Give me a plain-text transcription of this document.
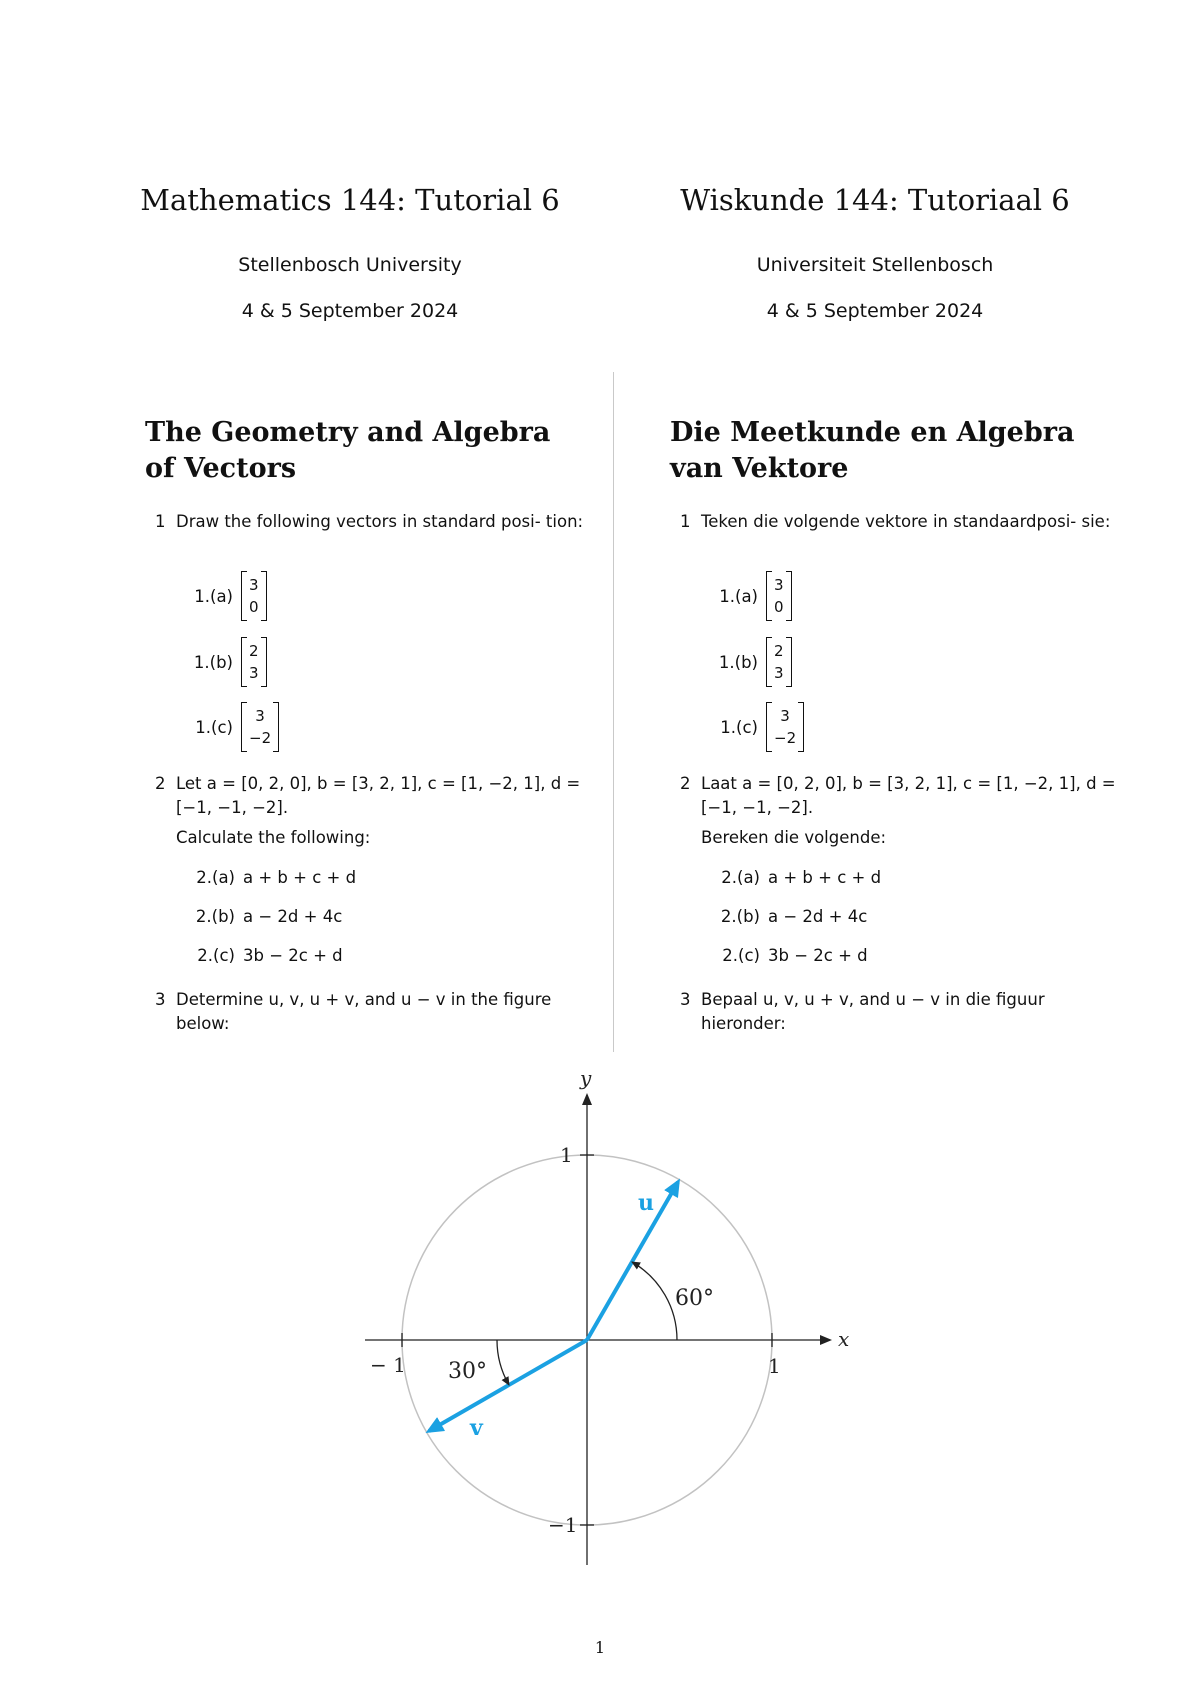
Mathematics 144: Tutorial 6
Stellenbosch University
4 & 5 September 2024
Wiskunde 144: Tutoriaal 6
Universiteit Stellenbosch
4 & 5 September 2024
The Geometry and Algebra of Vectors
1 Draw the following vectors in standard posi- tion:
1.(a)
3
0
1.(b)
2
3
1.(c)
3
−2
2 Let a = [0, 2, 0], b = [3, 2, 1], c = [1, −2, 1], d = [−1, −1, −2].
Calculate the following:
2.(a) a + b + c + d
2.(b) a − 2d + 4c
2.(c) 3b − 2c + d
3 Determine u, v, u + v, and u − v in the figure below:
Die Meetkunde en Algebra van Vektore
1 Teken die volgende vektore in standaardposi- sie:
1.(a)
3
0
1.(b)
2
3
1.(c)
3
−2
2 Laat a = [0, 2, 0], b = [3, 2, 1], c = [1, −2, 1], d = [−1, −1, −2].
Bereken die volgende:
2.(a) a + b + c + d
2.(b) a − 2d + 4c
2.(c) 3b − 2c + d
3 Bepaal u, v, u + v, and u − v in die figuur hieronder:
x
y
1
− 1
1
−1
u
v
60°
30°
1
